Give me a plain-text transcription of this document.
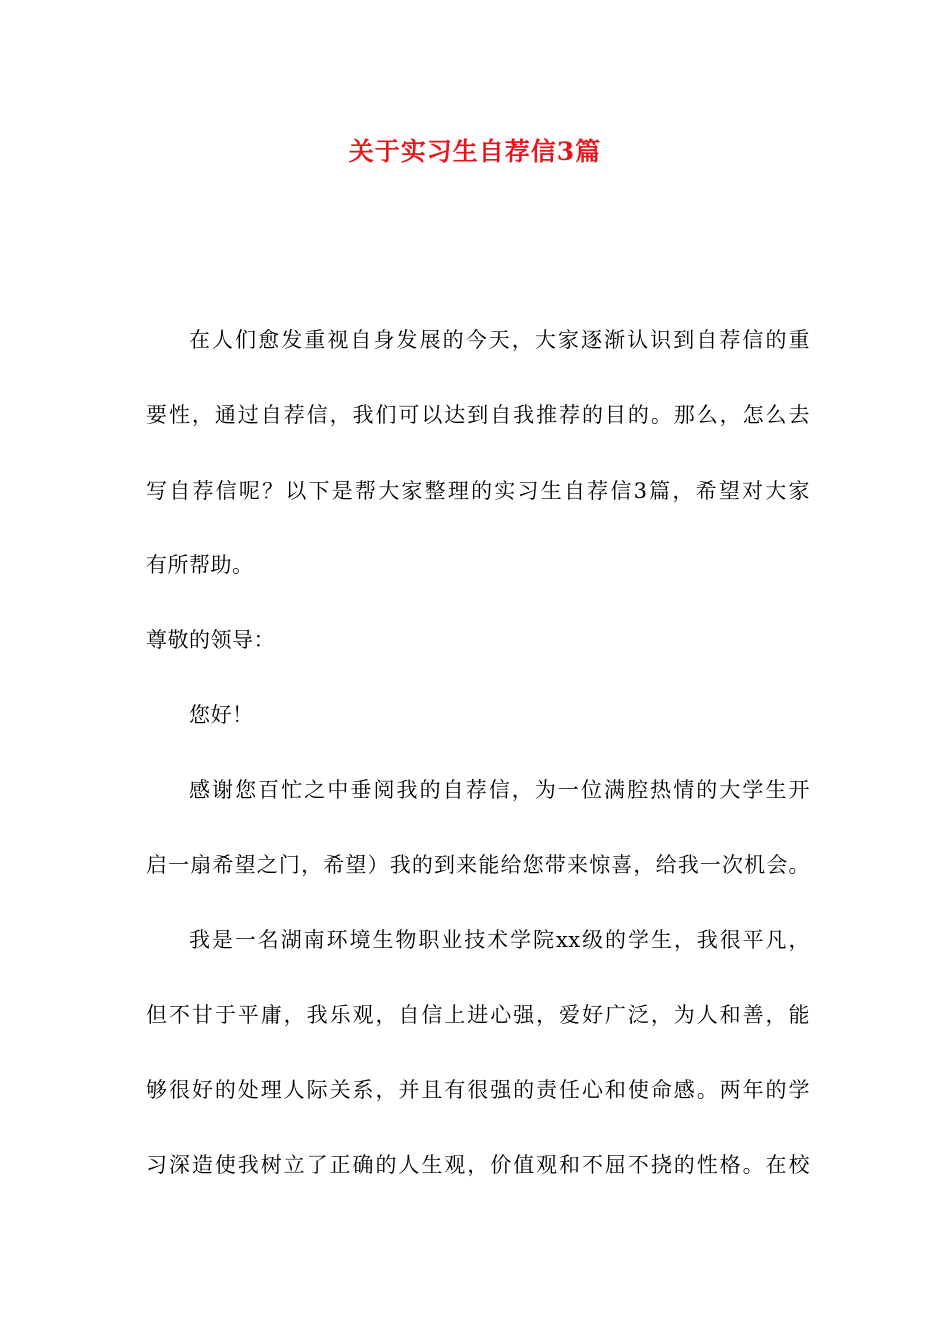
关于实习生自荐信3篇
在人们愈发重视自身发展的今天，大家逐渐认识到自荐信的重
要性，通过自荐信，我们可以达到自我推荐的目的。那么，怎么去
写自荐信呢？以下是帮大家整理的实习生自荐信3篇，希望对大家
有所帮助。
尊敬的领导：
您好！
感谢您百忙之中垂阅我的自荐信，为一位满腔热情的大学生开
启一扇希望之门，希望）我的到来能给您带来惊喜，给我一次机会。
我是一名湖南环境生物职业技术学院xx级的学生，我很平凡，
但不甘于平庸，我乐观，自信上进心强，爱好广泛，为人和善，能
够很好的处理人际关系，并且有很强的责任心和使命感。两年的学
习深造使我树立了正确的人生观，价值观和不屈不挠的性格。在校
